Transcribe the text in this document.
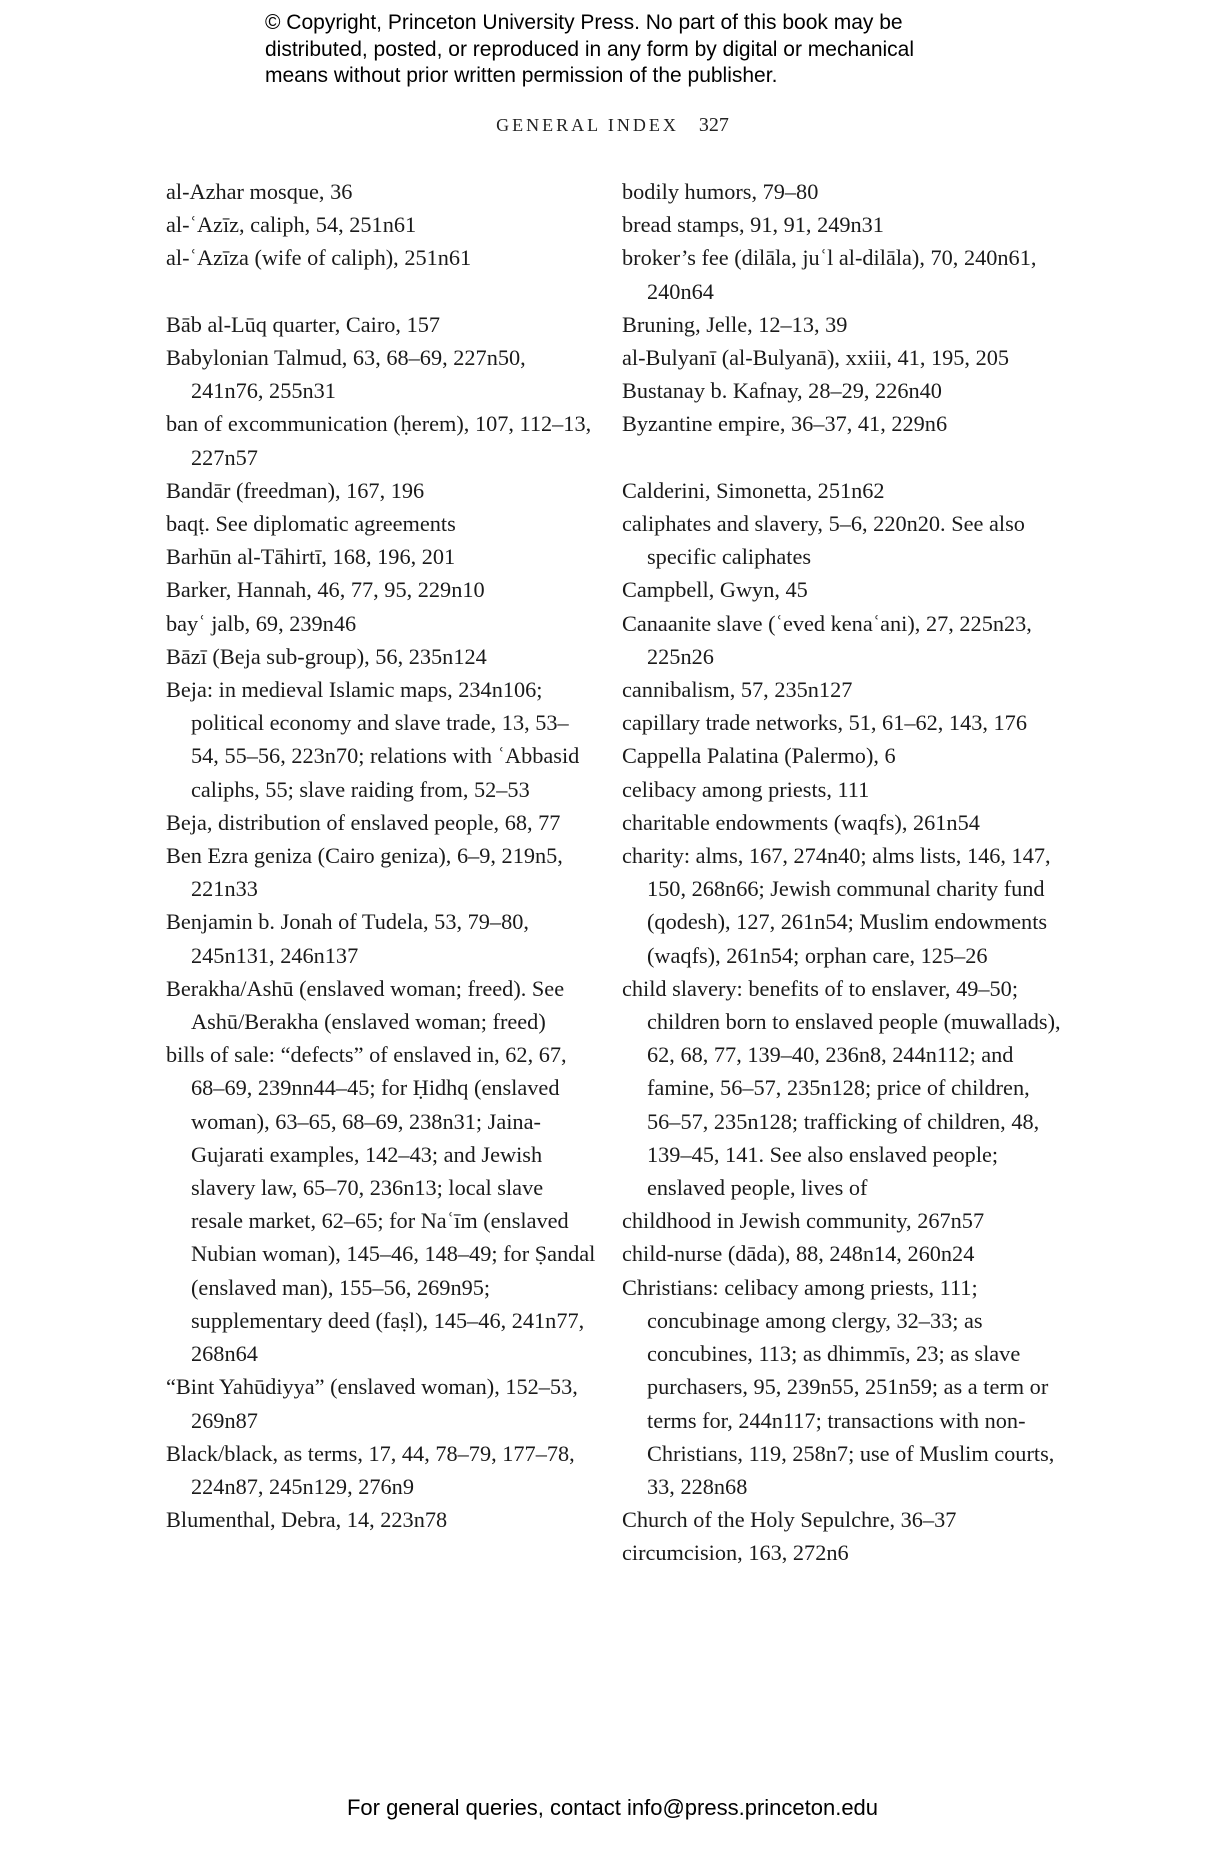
© Copyright, Princeton University Press. No part of this book may be
distributed, posted, or reproduced in any form by digital or mechanical
means without prior written permission of the publisher.
GENERAL INDEX 327
al-Azhar mosque, 36
al-ʿAzīz, caliph, 54, 251n61
al-ʿAzīza (wife of caliph), 251n61
Bāb al-Lūq quarter, Cairo, 157
Babylonian Talmud, 63, 68–69, 227n50, 241n76, 255n31
ban of excommunication (ḥerem), 107, 112–13, 227n57
Bandār (freedman), 167, 196
baqṭ. See diplomatic agreements
Barhūn al-Tāhirtī, 168, 196, 201
Barker, Hannah, 46, 77, 95, 229n10
bayʿ jalb, 69, 239n46
Bāzī (Beja sub-group), 56, 235n124
Beja: in medieval Islamic maps, 234n106; political economy and slave trade, 13, 53–54, 55–56, 223n70; relations with ʿAbbasid caliphs, 55; slave raiding from, 52–53
Beja, distribution of enslaved people, 68, 77
Ben Ezra geniza (Cairo geniza), 6–9, 219n5, 221n33
Benjamin b. Jonah of Tudela, 53, 79–80, 245n131, 246n137
Berakha/Ashū (enslaved woman; freed). See Ashū/Berakha (enslaved woman; freed)
bills of sale: “defects” of enslaved in, 62, 67, 68–69, 239nn44–45; for Ḥidhq (enslaved woman), 63–65, 68–69, 238n31; Jaina-Gujarati examples, 142–43; and Jewish slavery law, 65–70, 236n13; local slave resale market, 62–65; for Naʿīm (enslaved Nubian woman), 145–46, 148–49; for Ṣandal (enslaved man), 155–56, 269n95; supplementary deed (faṣl), 145–46, 241n77, 268n64
“Bint Yahūdiyya” (enslaved woman), 152–53, 269n87
Black/black, as terms, 17, 44, 78–79, 177–78, 224n87, 245n129, 276n9
Blumenthal, Debra, 14, 223n78
bodily humors, 79–80
bread stamps, 91, 91, 249n31
broker’s fee (dilāla, juʿl al-dilāla), 70, 240n61, 240n64
Bruning, Jelle, 12–13, 39
al-Bulyanī (al-Bulyanā), xxiii, 41, 195, 205
Bustanay b. Kafnay, 28–29, 226n40
Byzantine empire, 36–37, 41, 229n6
Calderini, Simonetta, 251n62
caliphates and slavery, 5–6, 220n20. See also specific caliphates
Campbell, Gwyn, 45
Canaanite slave (ʿeved kenaʿani), 27, 225n23, 225n26
cannibalism, 57, 235n127
capillary trade networks, 51, 61–62, 143, 176
Cappella Palatina (Palermo), 6
celibacy among priests, 111
charitable endowments (waqfs), 261n54
charity: alms, 167, 274n40; alms lists, 146, 147, 150, 268n66; Jewish communal charity fund (qodesh), 127, 261n54; Muslim endowments (waqfs), 261n54; orphan care, 125–26
child slavery: benefits of to enslaver, 49–50; children born to enslaved people (muwallads), 62, 68, 77, 139–40, 236n8, 244n112; and famine, 56–57, 235n128; price of children, 56–57, 235n128; trafficking of children, 48, 139–45, 141. See also enslaved people; enslaved people, lives of
childhood in Jewish community, 267n57
child-nurse (dāda), 88, 248n14, 260n24
Christians: celibacy among priests, 111; concubinage among clergy, 32–33; as concubines, 113; as dhimmīs, 23; as slave purchasers, 95, 239n55, 251n59; as a term or terms for, 244n117; transactions with non-Christians, 119, 258n7; use of Muslim courts, 33, 228n68
Church of the Holy Sepulchre, 36–37
circumcision, 163, 272n6
For general queries, contact info@press.princeton.edu
